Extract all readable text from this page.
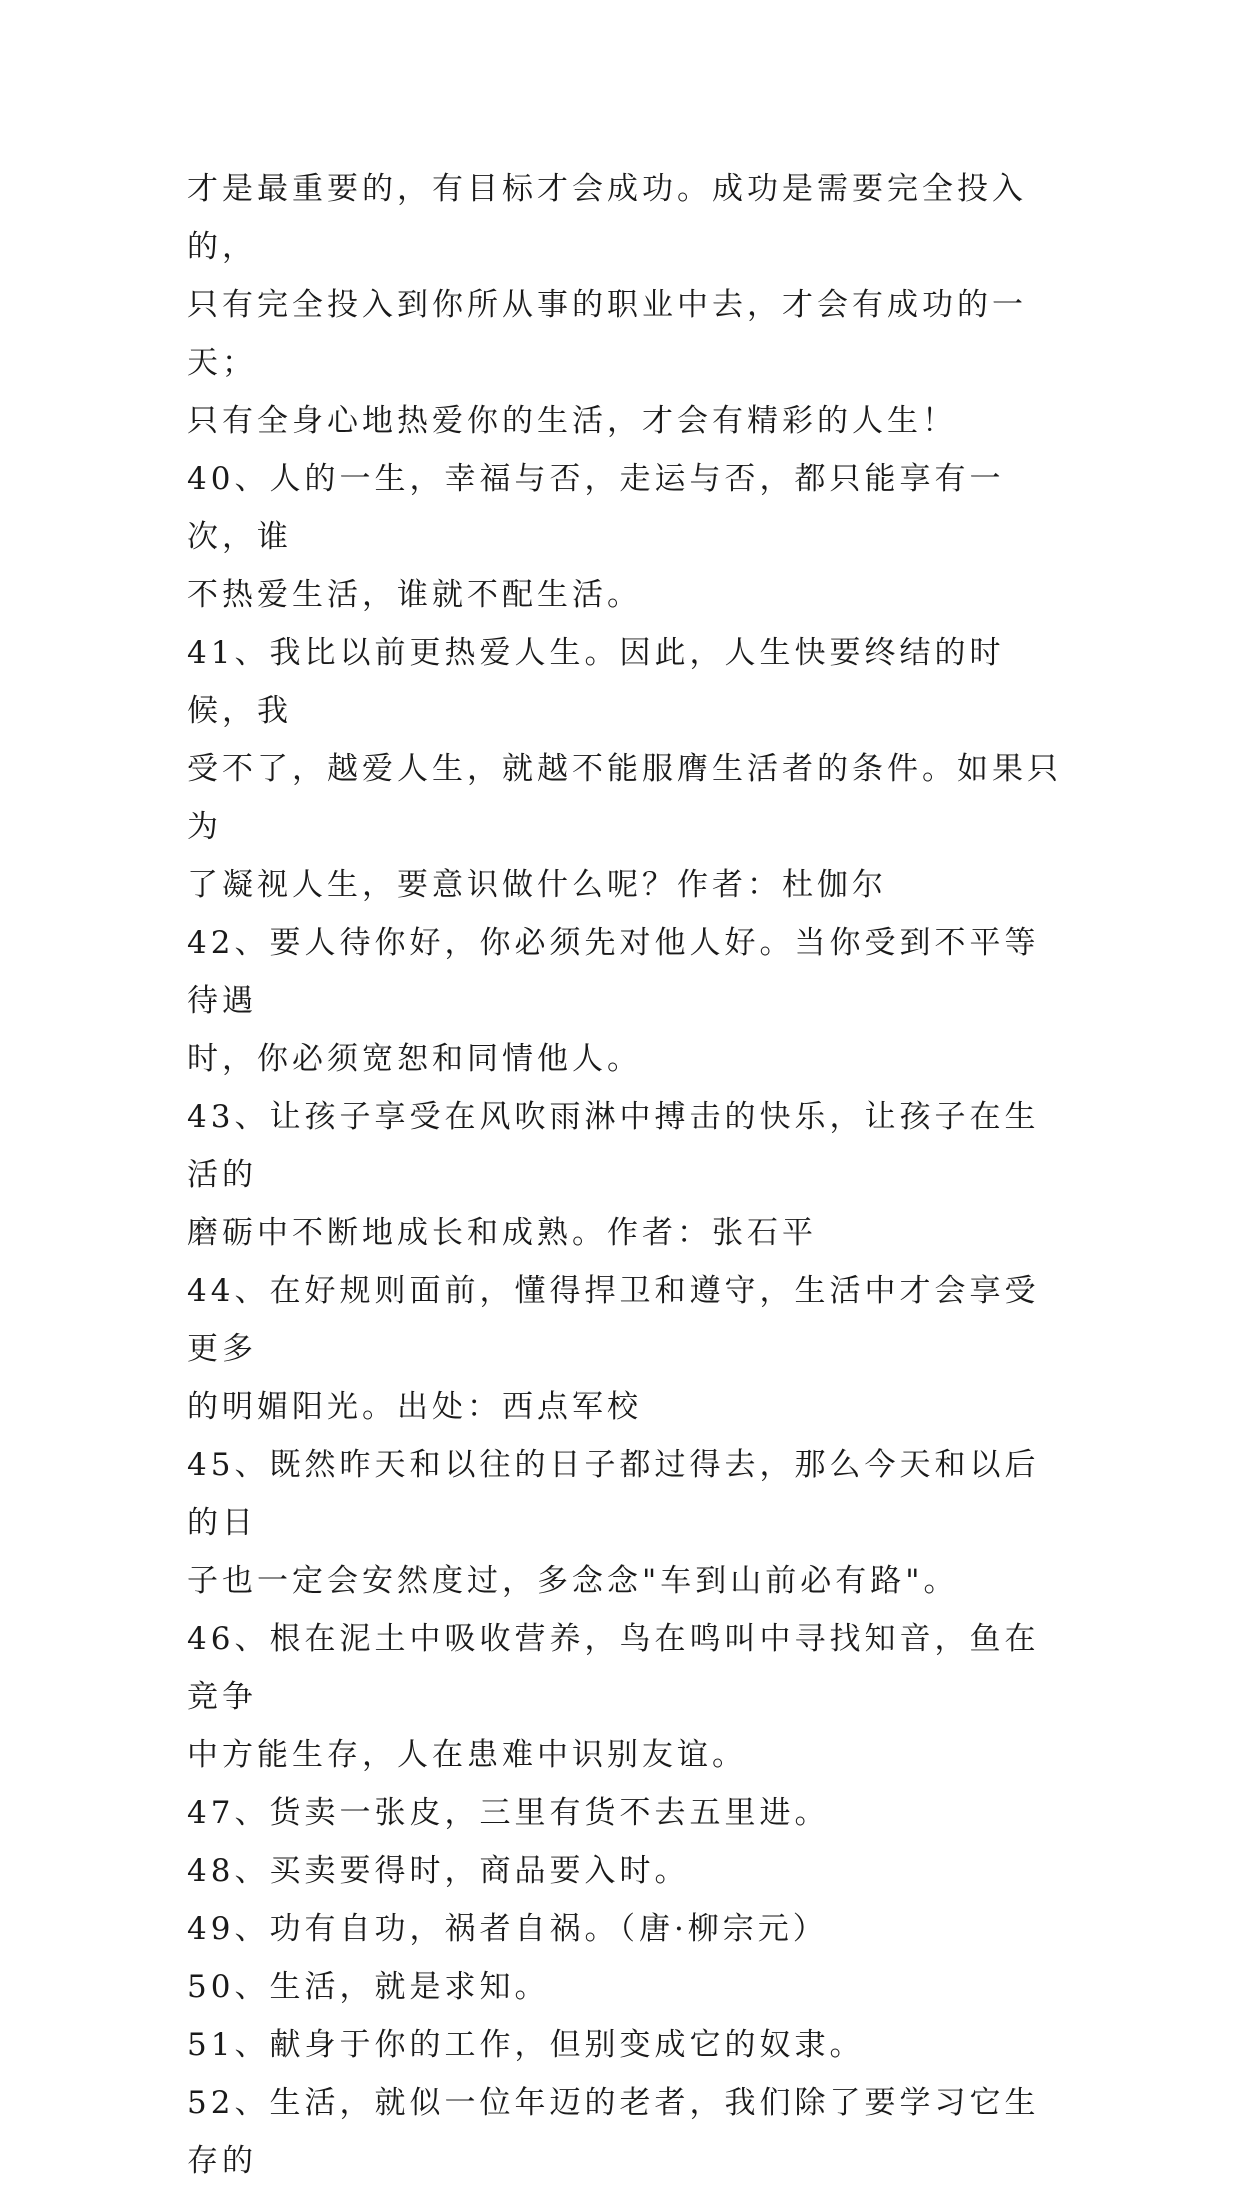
才是最重要的，有目标才会成功。成功是需要完全投入的，
只有完全投入到你所从事的职业中去，才会有成功的一天；
只有全身心地热爱你的生活，才会有精彩的人生！

40、人的一生，幸福与否，走运与否，都只能享有一次，谁
不热爱生活，谁就不配生活。

41、我比以前更热爱人生。因此，人生快要终结的时候，我
受不了，越爱人生，就越不能服膺生活者的条件。如果只为
了凝视人生，要意识做什么呢？作者：杜伽尔

42、要人待你好，你必须先对他人好。当你受到不平等待遇
时，你必须宽恕和同情他人。

43、让孩子享受在风吹雨淋中搏击的快乐，让孩子在生活的
磨砺中不断地成长和成熟。作者：张石平

44、在好规则面前，懂得捍卫和遵守，生活中才会享受更多
的明媚阳光。出处：西点军校

45、既然昨天和以往的日子都过得去，那么今天和以后的日
子也一定会安然度过，多念念"车到山前必有路"。

46、根在泥土中吸收营养，鸟在鸣叫中寻找知音，鱼在竞争
中方能生存，人在患难中识别友谊。

47、货卖一张皮，三里有货不去五里进。

48、买卖要得时，商品要入时。

49、功有自功，祸者自祸。（唐·柳宗元）

50、生活，就是求知。

51、献身于你的工作，但别变成它的奴隶。

52、生活，就似一位年迈的老者，我们除了要学习它生存的
